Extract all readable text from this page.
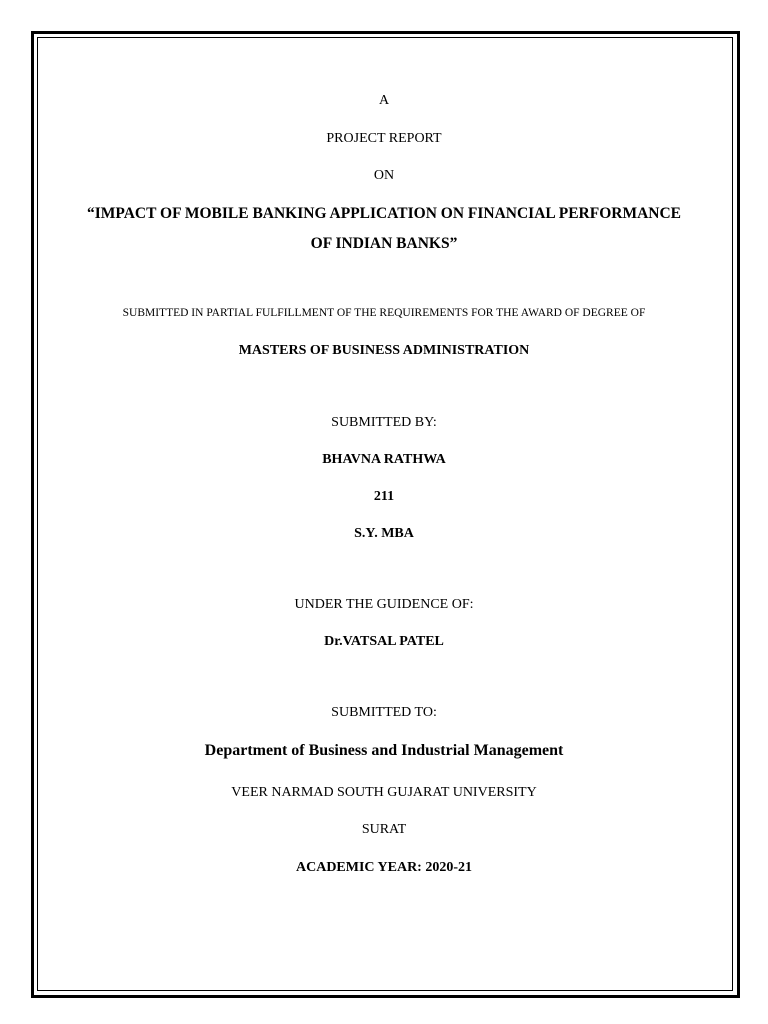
A
PROJECT REPORT
ON
“IMPACT OF MOBILE BANKING APPLICATION ON FINANCIAL PERFORMANCE
OF INDIAN BANKS”
SUBMITTED IN PARTIAL FULFILLMENT OF THE REQUIREMENTS FOR THE AWARD OF DEGREE OF
MASTERS OF BUSINESS ADMINISTRATION
SUBMITTED BY:
BHAVNA RATHWA
211
S.Y. MBA
UNDER THE GUIDENCE OF:
Dr.VATSAL PATEL
SUBMITTED TO:
Department of Business and Industrial Management
VEER NARMAD SOUTH GUJARAT UNIVERSITY
SURAT
ACADEMIC YEAR: 2020-21
